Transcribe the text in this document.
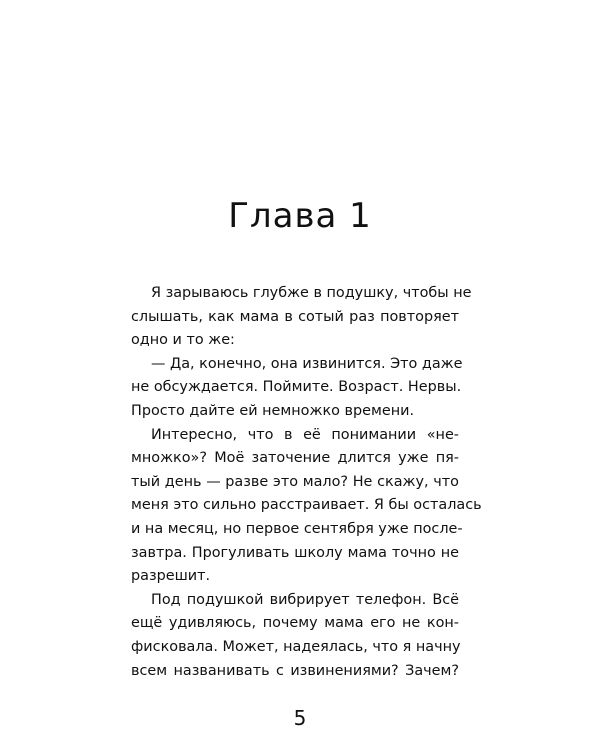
Глава 1
Я зарываюсь глубже в подушку, чтобы не
слышать, как мама в сотый раз повторяет
одно и то же:
— Да, конечно, она извинится. Это даже
не обсуждается. Поймите. Возраст. Нервы.
Просто дайте ей немножко времени.
Интересно, что в её понимании «не-
множко»? Моё заточение длится уже пя-
тый день — разве это мало? Не скажу, что
меня это сильно расстраивает. Я бы осталась
и на месяц, но первое сентября уже после-
завтра. Прогуливать школу мама точно не
разрешит.
Под подушкой вибрирует телефон. Всё
ещё удивляюсь, почему мама его не кон-
фисковала. Может, надеялась, что я начну
всем названивать с извинениями? Зачем?
5
